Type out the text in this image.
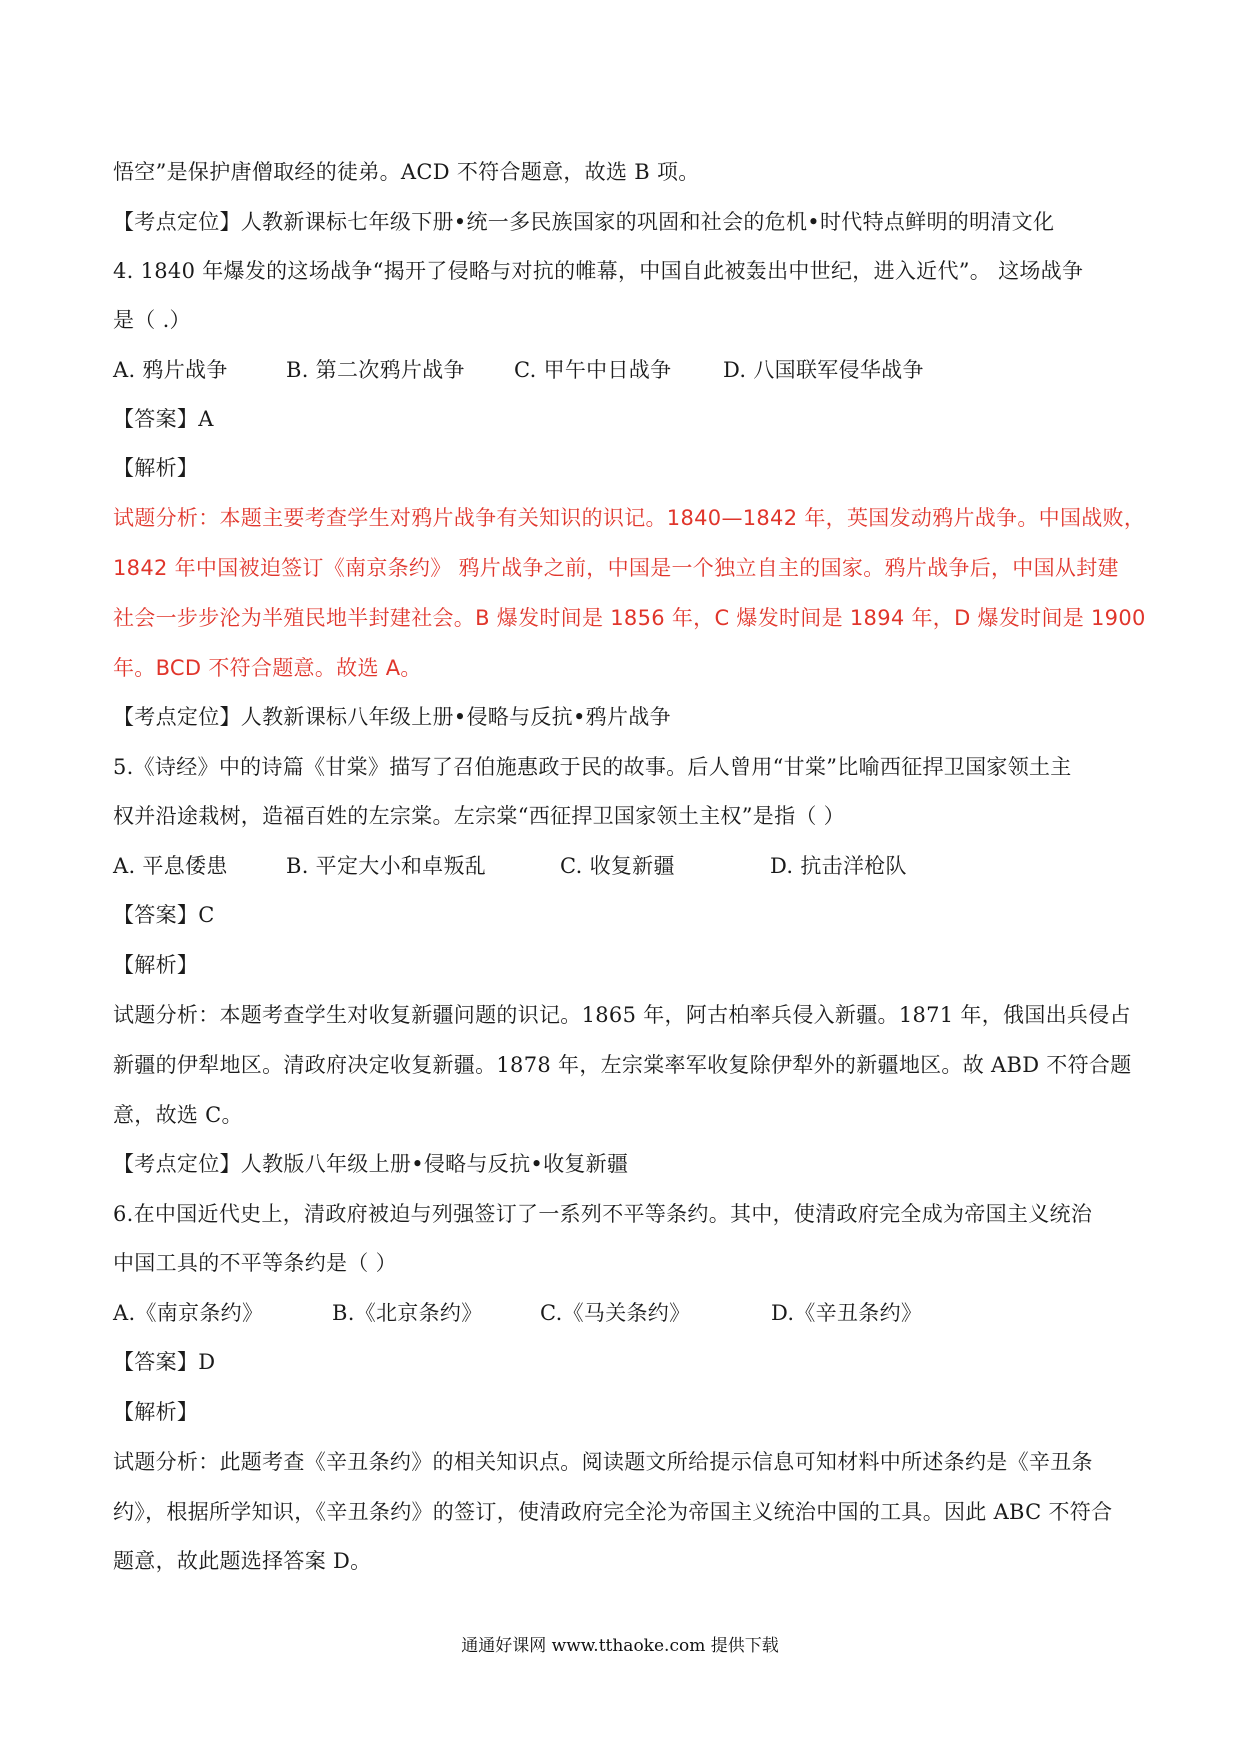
悟空”是保护唐僧取经的徒弟。ACD 不符合题意，故选 B 项。
【考点定位】人教新课标七年级下册•统一多民族国家的巩固和社会的危机•时代特点鲜明的明清文化
4. 1840 年爆发的这场战争“揭开了侵略与对抗的帷幕，中国自此被轰出中世纪，进入近代”。 这场战争
是（ .）
A. 鸦片战争	B. 第二次鸦片战争 C. 甲午中日战争 D. 八国联军侵华战争
【答案】A
【解析】
试题分析：本题主要考查学生对鸦片战争有关知识的识记。1840—1842 年，英国发动鸦片战争。中国战败，
1842 年中国被迫签订《南京条约》 鸦片战争之前，中国是一个独立自主的国家。鸦片战争后，中国从封建
社会一步步沦为半殖民地半封建社会。B 爆发时间是 1856 年，C 爆发时间是 1894 年，D 爆发时间是 1900
年。BCD 不符合题意。故选 A。
【考点定位】人教新课标八年级上册•侵略与反抗•鸦片战争
5.《诗经》中的诗篇《甘棠》描写了召伯施惠政于民的故事。后人曾用“甘棠”比喻西征捍卫国家领土主
权并沿途栽树，造福百姓的左宗棠。左宗棠“西征捍卫国家领土主权”是指（ ）
A. 平息倭患	B. 平定大小和卓叛乱	C. 收复新疆	D. 抗击洋枪队
【答案】C
【解析】
试题分析：本题考查学生对收复新疆问题的识记。1865 年，阿古柏率兵侵入新疆。1871 年，俄国出兵侵占
新疆的伊犁地区。清政府决定收复新疆。1878 年，左宗棠率军收复除伊犁外的新疆地区。故 ABD 不符合题
意，故选 C。
【考点定位】人教版八年级上册•侵略与反抗•收复新疆
6.在中国近代史上，清政府被迫与列强签订了一系列不平等条约。其中，使清政府完全成为帝国主义统治
中国工具的不平等条约是（ ）
A.《南京条约》	B.《北京条约》	C.《马关条约》	D.《辛丑条约》
【答案】D
【解析】
试题分析：此题考查《辛丑条约》的相关知识点。阅读题文所给提示信息可知材料中所述条约是《辛丑条
约》，根据所学知识，《辛丑条约》的签订，使清政府完全沦为帝国主义统治中国的工具。因此 ABC 不符合
题意，故此题选择答案 D。
通通好课网 www.tthaoke.com 提供下载
